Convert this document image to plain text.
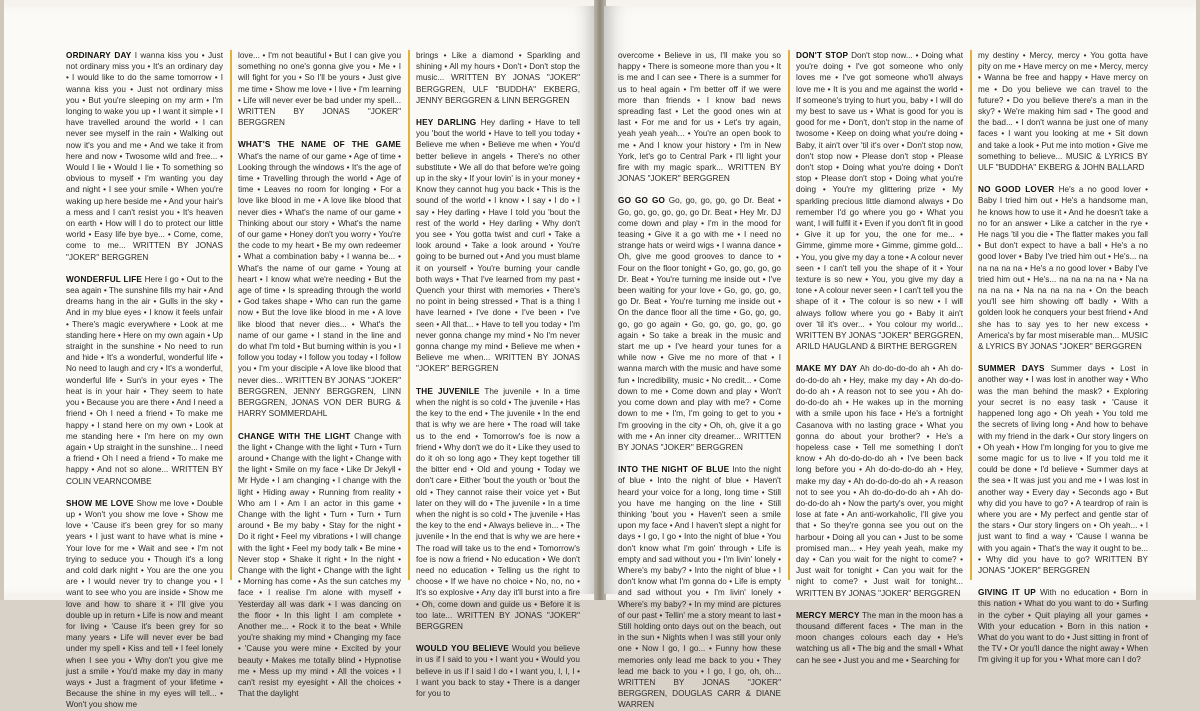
ORDINARY DAY I wanna kiss you • Just not ordinary miss you • It's an ordinary day • I would like to do the same tomorrow • I wanna kiss you • Just not ordinary miss you • But you're sleeping on my arm • I'm longing to wake you up • I want it simple • I have travelled around the world • I can never see myself in the rain • Walking out now it's you and me • And we take it from here and now • Twosome wild and free... • Would I lie • Would I lie • To something so obvious to myself • I'm wanting you day and night • I see your smile • When you're waking up here beside me • And your hair's a mess and I can't resist you • It's heaven on earth • How will I do to protect our little world • Easy life bye bye... • Come, come, come to me... WRITTEN BY JONAS "JOKER" BERGGREN

WONDERFUL LIFE Here I go • Out to the sea again • The sunshine fills my hair • And dreams hang in the air • Gulls in the sky • And in my blue eyes • I know it feels unfair • There's magic everywhere • Look at me standing here • Here on my own again • Up straight in the sunshine • No need to run and hide • It's a wonderful, wonderful life • No need to laugh and cry • It's a wonderful, wonderful life • Sun's in your eyes • The heat is in your hair • They seem to hate you • Because you are there • And I need a friend • Oh I need a friend • To make me happy • I stand here on my own • Look at me standing here • I'm here on my own again • Up straight in the sunshine... I need a friend • Oh I need a friend • To make me happy • And not so alone... WRITTEN BY COLIN VEARNCOMBE

SHOW ME LOVE Show me love • Double up • Won't you show me love • Show me love • 'Cause it's been grey for so many years • I just want to have what is mine • Your love for me • Wait and see • I'm not trying to seduce you • Though it's a long and cold dark night • You are the one you are • I would never try to change you • I want to see who you are inside • Show me love and how to share it • I'll give you double up in return • Life is now and meant for living • 'Cause it's been grey for so many years • Life will never ever be bad under my spell • Kiss and tell • I feel lonely when I see you • Why don't you give me just a smile • You'd make my day in many ways • Just a fragment of your lifetime • Because the shine in my eyes will tell... • Won't you show me

love... • I'm not beautiful • But I can give you something no one's gonna give you • Me • I will fight for you • So I'll be yours • Just give me time • Show me love • I live • I'm learning • Life will never ever be bad under my spell... WRITTEN BY JONAS "JOKER" BERGGREN

WHAT'S THE NAME OF THE GAME What's the name of our game • Age of time • Looking through the windows • It's the age of time • Travelling through the world • Age of time • Leaves no room for longing • For a love like blood in me • A love like blood that never dies • What's the name of our game • Thinking about our story • What's the name of our game • Honey don't you worry • You're the code to my heart • Be my own redeemer • What a combination baby • I wanna be... • What's the name of our game • Young at heart • I know what we're needing • But the age of time • Is spreading through the world • God takes shape • Who can run the game now • But the love like blood in me • A love like blood that never dies... • What's the name of our game • I stand in the line and do what I'm told • But burning within is you • I follow you today • I follow you today • I follow you • I'm your disciple • A love like blood that never dies... WRITTEN BY JONAS "JOKER" BERGGREN, JENNY BERGGREN, LINN BERGGREN, JONAS VON DER BURG & HARRY SOMMERDAHL

CHANGE WITH THE LIGHT Change with the light • Change with the light • Turn • Turn around • Change with the light • Change with the light • Smile on my face • Like Dr Jekyll • Mr Hyde • I am changing • I change with the light • Hiding away • Running from reality • Who am I • Am I an actor in this game • Change with the light • Turn • Turn • Turn around • Be my baby • Stay for the night • Do it right • Feel my vibrations • I will change with the light • Feel my body talk • Be mine • Never stop • Shake it right • In the night • Change with the light • Change with the light • Morning has come • As the sun catches my face • I realise I'm alone with myself • Yesterday all was dark • I was dancing on the floor • In this light I am complete • Another me... • Rock it to the beat • While you're shaking my mind • Changing my face • 'Cause you were mine • Excited by your beauty • Makes me totally blind • Hypnotise me • Mess up my mind • All the voices • I can't resist my eyesight • All the choices • That the daylight

brings • Like a diamond • Sparkling and shining • All my hours • Don't • Don't stop the music... WRITTEN BY JONAS "JOKER" BERGGREN, ULF "BUDDHA" EKBERG, JENNY BERGGREN & LINN BERGGREN

HEY DARLING Hey darling • Have to tell you 'bout the world • Have to tell you today • Believe me when • Believe me when • You'd better believe in angels • There's no other substitute • We all do that before we're going up in the sky • If your lovin' is in your money • Know they cannot hug you back • This is the sound of the world • I know • I say • I do • I say • Hey darling • Have I told you 'bout the rest of the world • Hey darling • Why don't you see • You gotta twist and curl • Take a look around • Take a look around • You're going to be burned out • And you must blame it on yourself • You're burning your candle both ways • That I've learned from my past • Quench your thirst with memories • There's no point in being stressed • That is a thing I have learned • I've done • I've been • I've seen • All that... • Have to tell you today • I'm never gonna change my mind • No I'm never gonna change my mind • Believe me when • Believe me when... WRITTEN BY JONAS "JOKER" BERGGREN

THE JUVENILE The juvenile • In a time when the night is so cold • The juvenile • Has the key to the end • The juvenile • In the end that is why we are here • The road will take us to the end • Tomorrow's foe is now a friend • Why don't we do it • Like they used to do it oh so long ago • They kept together till the bitter end • Old and young • Today we don't care • Either 'bout the youth or 'bout the old • They cannot raise their voice yet • But later on they will do • The juvenile • In a time when the night is so cold • The juvenile • Has the key to the end • Always believe in... • The juvenile • In the end that is why we are here • The road will take us to the end • Tomorrow's foe is now a friend • No education • We don't need no education • Telling us the right to choose • If we have no choice • No, no, no • It's so explosive • Any day it'll burst into a fire • Oh, come down and guide us • Before it is too late... WRITTEN BY JONAS "JOKER" BERGGREN

WOULD YOU BELIEVE Would you believe in us if I said to you • I want you • Would you believe in us if I said I do • I want you, I, I, I • I want you back to stay • There is a danger for you to

overcome • Believe in us, I'll make you so happy • There is someone more than you • It is me and I can see • There is a summer for us to heal again • I'm better off if we were more than friends • I know bad news spreading fast • Let the good ones win at last • For me and for us • Let's try again, yeah yeah yeah... • You're an open book to me • And I know your history • I'm in New York, let's go to Central Park • I'll light your fire with my magic spark... WRITTEN BY JONAS "JOKER" BERGGREN

GO GO GO Go, go, go, go, go Dr. Beat • Go, go, go, go, go, go Dr. Beat • Hey Mr. DJ come down and play • I'm in the mood for teasing • Give it a go with me • I need no strange hats or weird wigs • I wanna dance • Oh, give me good grooves to dance to • Four on the floor tonight • Go, go, go, go, go Dr. Beat • You're turning me inside out • I've been waiting for your love • Go, go, go, go, go Dr. Beat • You're turning me inside out • On the dance floor all the time • Go, go, go, go, go go again • Go, go, go, go, go, go again • So take a break in the music and start me up • I've heard your tunes for a while now • Give me no more of that • I wanna march with the music and have some fun • Incredibility, music • No credit... • Come down to me • Come down and play • Won't you come down and play with me? • Come down to me • I'm, I'm going to get to you • I'm grooving in the city • Oh, oh, give it a go with me • An inner city dreamer... WRITTEN BY JONAS "JOKER" BERGGREN

INTO THE NIGHT OF BLUE Into the night of blue • Into the night of blue • Haven't heard your voice for a long, long time • Still you have me hanging on the line • Still thinking 'bout you • Haven't seen a smile upon my face • And I haven't slept a night for days • I go, I go • Into the night of blue • You don't know what I'm goin' through • Life is empty and sad without you • I'm livin' lonely • Where's my baby? • Into the night of blue • I don't know what I'm gonna do • Life is empty and sad without you • I'm livin' lonely • Where's my baby? • In my mind are pictures of our past • Tellin' me a story meant to last • Still holding onto days out on the beach, out in the sun • Nights when I was still your only one • Now I go, I go... • Funny how these memories only lead me back to you • They lead me back to you • I go, I go, oh, oh... WRITTEN BY JONAS "JOKER" BERGGREN, DOUGLAS CARR & DIANE WARREN

DON'T STOP Don't stop now... • Doing what you're doing • I've got someone who only loves me • I've got someone who'll always love me • It is you and me against the world • If someone's trying to hurt you, baby • I will do my best to save us • What is good for you is good for me • Don't, don't stop in the name of twosome • Keep on doing what you're doing • Baby, it ain't over 'til it's over • Don't stop now, don't stop now • Please don't stop • Please don't stop • Doing what you're doing • Don't stop • Please don't stop • Doing what you're doing • You're my glittering prize • My sparkling precious little diamond always • Do remember I'd go where you go • What you want, I will fulfil it • Even if you don't fit in good • Give it up for you, the one for me... • Gimme, gimme more • Gimme, gimme gold... • You, you give my day a tone • A colour never seen • I can't tell you the shape of it • Your texture is so new • You, you give my day a tone • A colour never seen • I can't tell you the shape of it • The colour is so new • I will always follow where you go • Baby it ain't over 'til it's over... • You colour my world... WRITTEN BY JONAS "JOKER" BERGGREN, ARILD HAUGLAND & BIRTHE BERGGREN

MAKE MY DAY Ah do-do-do-do ah • Ah do-do-do-do ah • Hey, make my day • Ah do-do-do-do ah • A reason not to see you • Ah do-do-do-do ah • He wakes up in the morning with a smile upon his face • He's a fortnight Casanova with no lasting grace • What you gonna do about your brother? • He's a hopeless case • Tell me something I don't know • Ah do-do-do-do ah • I've been back long before you • Ah do-do-do-do ah • Hey, make my day • Ah do-do-do-do ah • A reason not to see you • Ah do-do-do-do ah • Ah do-do-do-do ah • Now the party's over, you might lose at fate • An anti-workaholic, I'll give you that • So they're gonna see you out on the harbour • Doing all you can • Just to be some promised man... • Hey yeah yeah, make my day • Can you wait for the night to come? • Just wait for tonight • Can you wait for the night to come? • Just wait for tonight... WRITTEN BY JONAS "JOKER" BERGGREN

MERCY MERCY The man in the moon has a thousand different faces • The man in the moon changes colours each day • He's watching us all • The big and the small • What can he see • Just you and me • Searching for

my destiny • Mercy, mercy • You gotta have pity on me • Have mercy on me • Mercy, mercy • Wanna be free and happy • Have mercy on me • Do you believe we can travel to the future? • Do you believe there's a man in the sky? • We're making him sad • The good and the bad... • I don't wanna be just one of many faces • I want you looking at me • Sit down and take a look • Put me into motion • Give me something to believe... MUSIC & LYRICS BY ULF "BUDDHA" EKBERG & JOHN BALLARD

NO GOOD LOVER He's a no good lover • Baby I tried him out • He's a handsome man, he knows how to use it • And he doesn't take a no for an answer • Like a catcher in the rye • He nags 'til you die • The flatter makes you fall • But don't expect to have a ball • He's a no good lover • Baby I've tried him out • He's... na na na na na • He's a no good lover • Baby I've tried him out • He's... na na na na na • Na na na na na • Na na na na na • On the beach you'll see him showing off badly • With a golden look he conquers your best friend • And she has to say yes to her new excess • America's by far most miserable man... MUSIC & LYRICS BY JONAS "JOKER" BERGGREN

SUMMER DAYS Summer days • Lost in another way • I was lost in another way • Who was the man behind the mask? • Exploring your secret is no easy task • 'Cause it happened long ago • Oh yeah • You told me the secrets of living long • And how to behave with my friend in the dark • Our story lingers on • Oh yeah • How I'm longing for you to give me some magic for us to live • If you told me it could be done • I'd believe • Summer days at the sea • It was just you and me • I was lost in another way • Every day • Seconds ago • But why did you have to go? • A teardrop of rain is where you are • My perfect and gentle star of the stars • Our story lingers on • Oh yeah... • I just want to find a way • 'Cause I wanna be with you again • That's the way it ought to be... • Why did you have to go? WRITTEN BY JONAS "JOKER" BERGGREN

GIVING IT UP With no education • Born in this nation • What do you want to do • Surfing in the cyber • Quit playing all your games • With your education • Born in this nation • What do you want to do • Just sitting in front of the TV • Or you'll dance the night away • When I'm giving it up for you • What more can I do?
